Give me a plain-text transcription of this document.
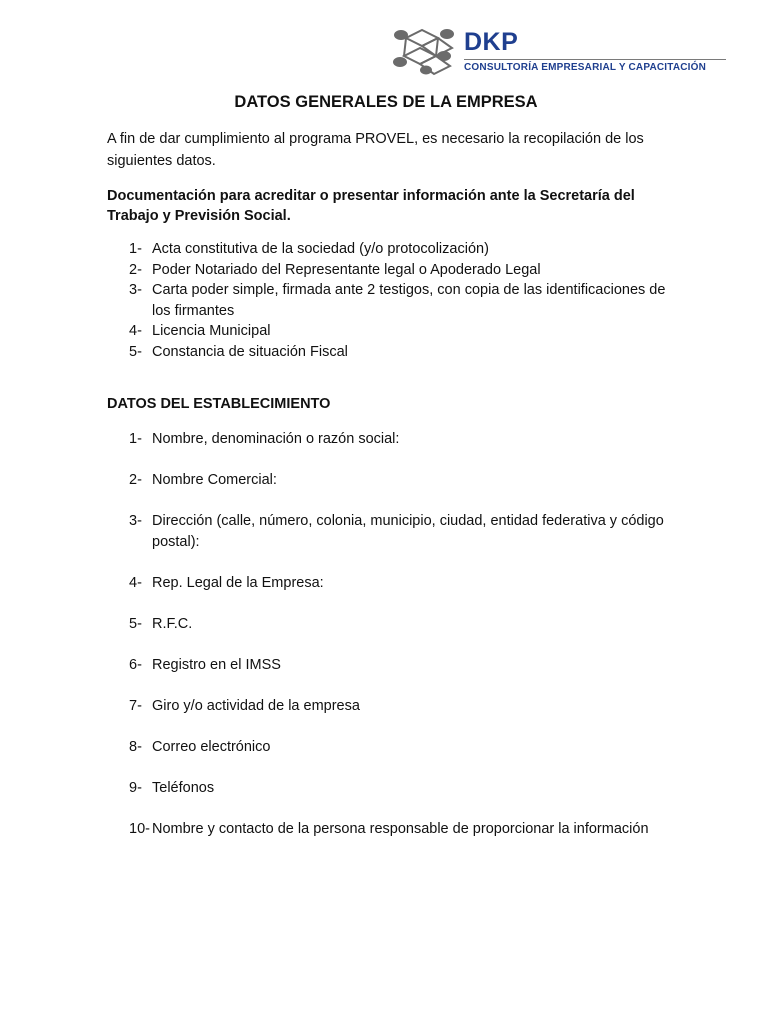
DKP
CONSULTORÍA EMPRESARIAL Y CAPACITACIÓN
DATOS GENERALES DE LA EMPRESA

A fin de dar cumplimiento al programa PROVEL, es necesario la recopilación de los siguientes datos.

Documentación para acreditar o presentar información ante la Secretaría del Trabajo y Previsión Social.

1- Acta constitutiva de la sociedad (y/o protocolización)
2- Poder Notariado del Representante legal o Apoderado Legal
3- Carta poder simple, firmada ante 2 testigos, con copia de las identificaciones de los firmantes
4- Licencia Municipal
5- Constancia de situación Fiscal
DATOS DEL ESTABLECIMIENTO
1- Nombre, denominación o razón social:
2- Nombre Comercial:
3- Dirección (calle, número, colonia, municipio, ciudad, entidad federativa y código postal):
4- Rep. Legal de la Empresa:
5- R.F.C.
6- Registro en el IMSS
7- Giro y/o actividad de la empresa
8- Correo electrónico
9- Teléfonos
10- Nombre y contacto de la persona responsable de proporcionar la información
